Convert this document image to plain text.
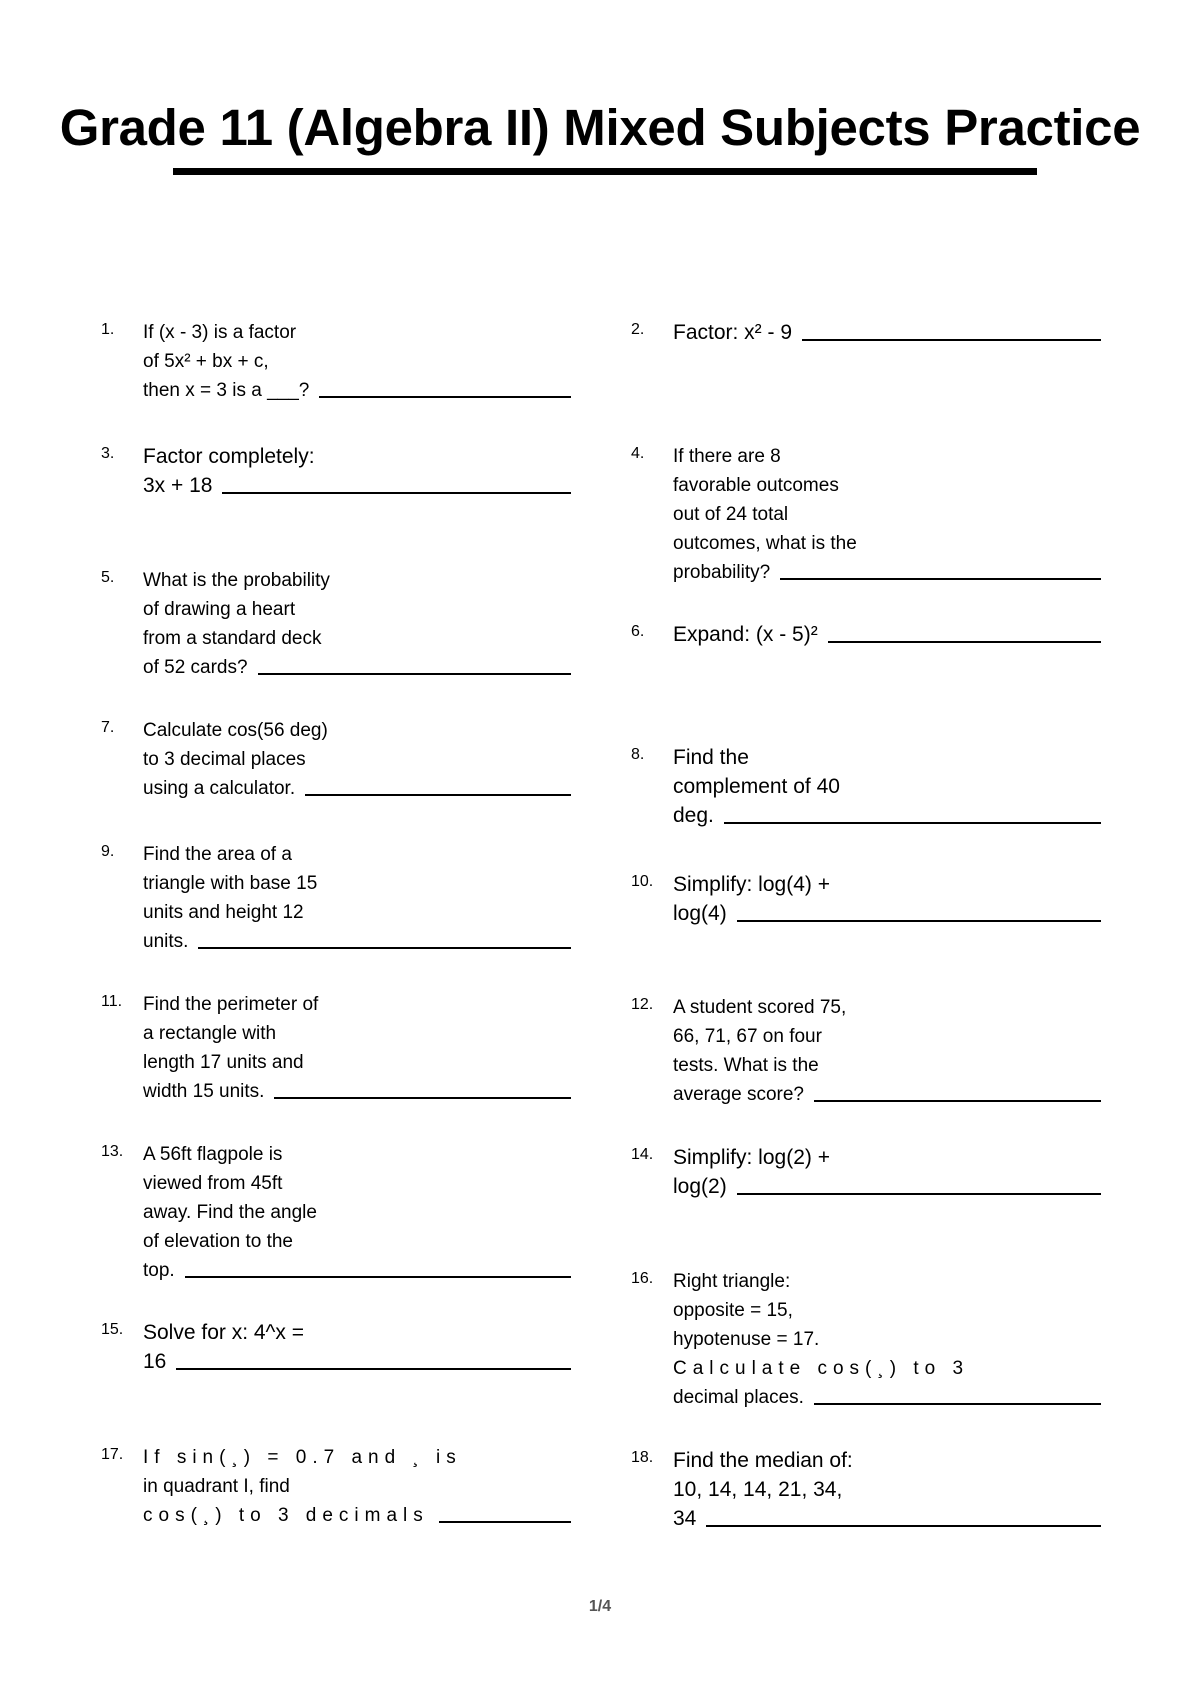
Grade 11 (Algebra II) Mixed Subjects Practice
1.	If (x - 3) is a factor
of 5x² + bx + c,
then x = 3 is a ___?
2.	Factor: x² - 9
3.	Factor completely:
3x + 18
4.	If there are 8
favorable outcomes
out of 24 total
outcomes, what is the
probability?
5.	What is the probability
of drawing a heart
from a standard deck
of 52 cards?
6.	Expand: (x - 5)²
7.	Calculate cos(56 deg)
to 3 decimal places
using a calculator.
8.	Find the
complement of 40
deg.
9.	Find the area of a
triangle with base 15
units and height 12
units.
10. Simplify: log(4) +
log(4)
11.	Find the perimeter of
a rectangle with
length 17 units and
width 15 units.
12.	A student scored 75,
66, 71, 67 on four
tests. What is the
average score?
13.	A 56ft flagpole is
viewed from 45ft
away. Find the angle
of elevation to the
top.
14. Simplify: log(2) +
log(2)
15. Solve for x: 4^x =
16
16.	Right triangle:
opposite = 15,
hypotenuse = 17.
Calculate cos(¸) to 3
decimal places.
17.	If sin(¸) = 0.7 and ¸ is
in quadrant I, find
cos(¸) to 3 decimals
18. Find the median of:
10, 14, 14, 21, 34,
34
1/4
